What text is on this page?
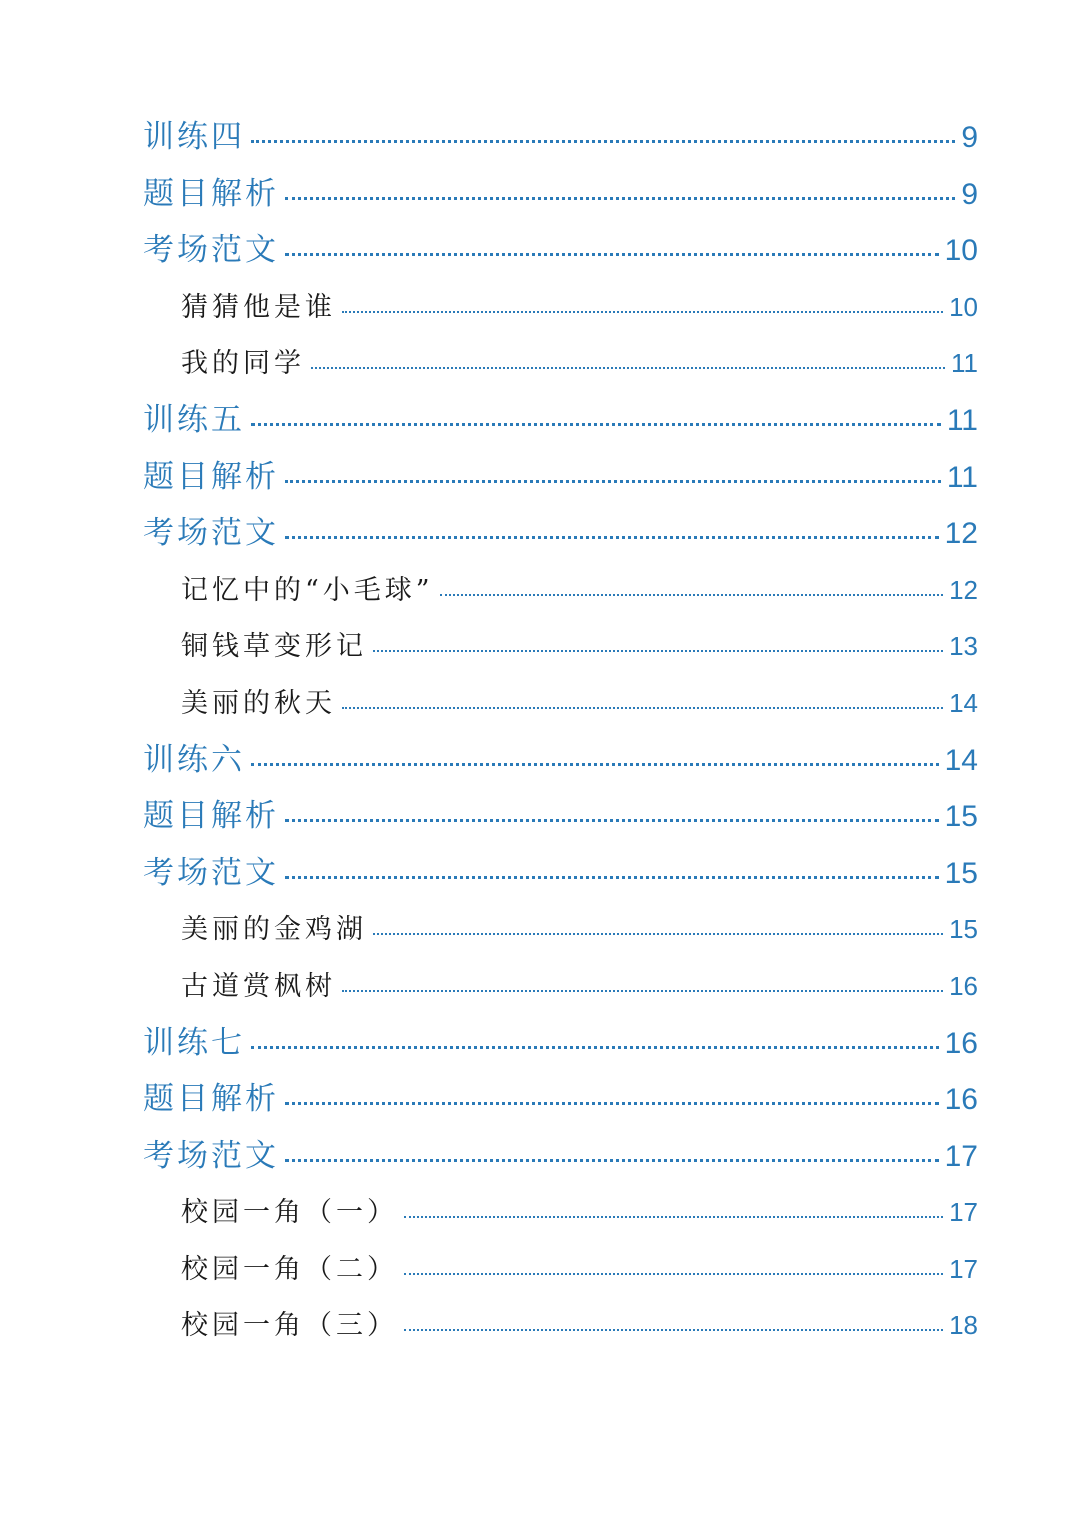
训练四	9
题目解析	9
考场范文	10
猜猜他是谁	10
我的同学	11
训练五	11
题目解析	11
考场范文	12
记忆中的“小毛球”	12
铜钱草变形记	13
美丽的秋天	14
训练六	14
题目解析	15
考场范文	15
美丽的金鸡湖	15
古道赏枫树	16
训练七	16
题目解析	16
考场范文	17
校园一角（一）	17
校园一角（二）	17
校园一角（三）	18
